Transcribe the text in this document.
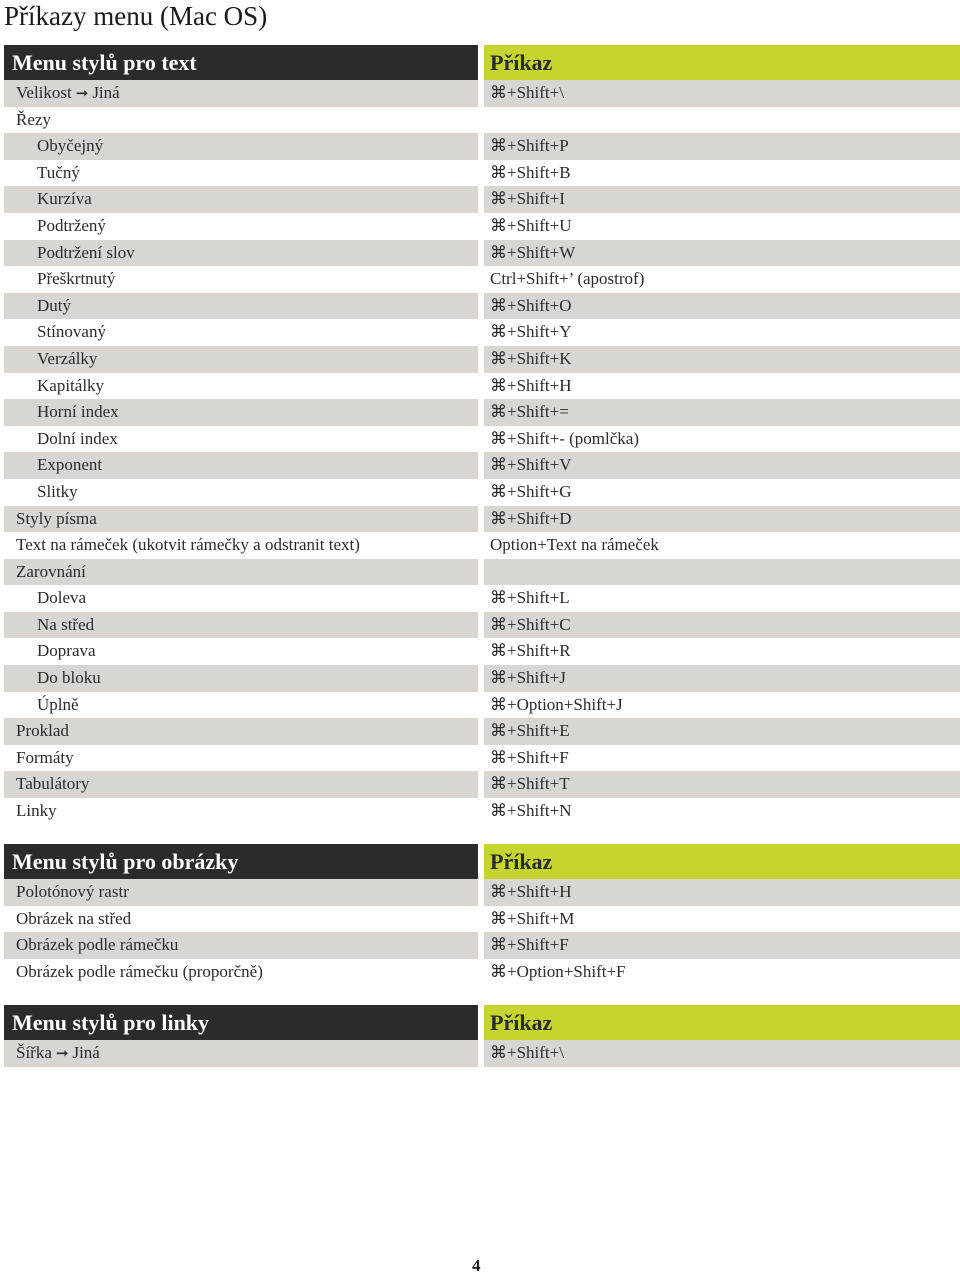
Příkazy menu (Mac OS)
Menu stylů pro text	Příkaz
Velikost ➞ Jiná	⌘+Shift+\
Řezy
Obyčejný	⌘+Shift+P
Tučný	⌘+Shift+B
Kurzíva	⌘+Shift+I
Podtržený	⌘+Shift+U
Podtržení slov	⌘+Shift+W
Přeškrtnutý	Ctrl+Shift+’ (apostrof)
Dutý	⌘+Shift+O
Stínovaný	⌘+Shift+Y
Verzálky	⌘+Shift+K
Kapitálky	⌘+Shift+H
Horní index	⌘+Shift+=
Dolní index	⌘+Shift+- (pomlčka)
Exponent	⌘+Shift+V
Slitky	⌘+Shift+G
Styly písma	⌘+Shift+D
Text na rámeček (ukotvit rámečky a odstranit text)	Option+Text na rámeček
Zarovnání
Doleva	⌘+Shift+L
Na střed	⌘+Shift+C
Doprava	⌘+Shift+R
Do bloku	⌘+Shift+J
Úplně	⌘+Option+Shift+J
Proklad	⌘+Shift+E
Formáty	⌘+Shift+F
Tabulátory	⌘+Shift+T
Linky	⌘+Shift+N
Menu stylů pro obrázky	Příkaz
Polotónový rastr	⌘+Shift+H
Obrázek na střed	⌘+Shift+M
Obrázek podle rámečku	⌘+Shift+F
Obrázek podle rámečku (proporčně)	⌘+Option+Shift+F
Menu stylů pro linky	Příkaz
Šířka ➞ Jiná	⌘+Shift+\
4
